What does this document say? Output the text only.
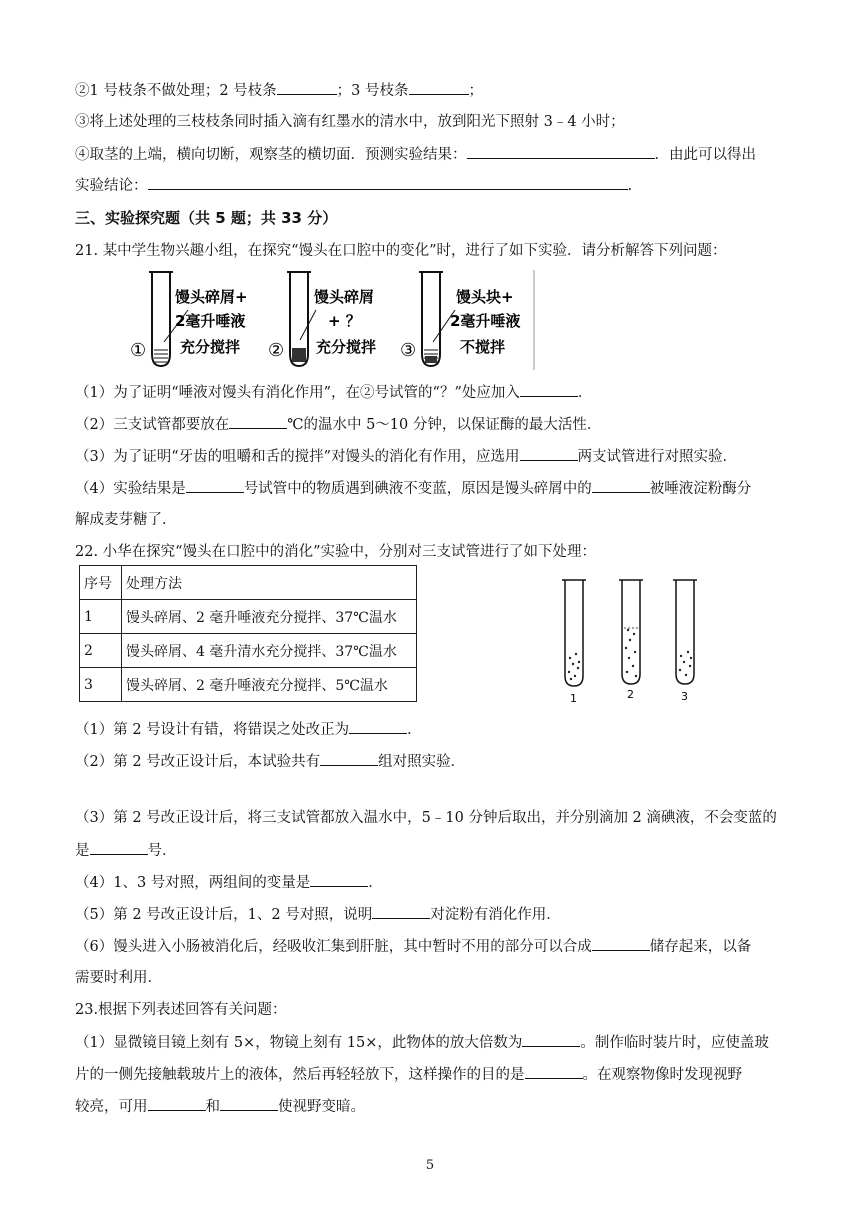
②1 号枝条不做处理；2 号枝条	；3 号枝条	；
③将上述处理的三枝枝条同时插入滴有红墨水的清水中，放到阳光下照射 3﹣4 小时；
④取茎的上端，横向切断，观察茎的横切面．预测实验结果：	．由此可以得出
实验结论：	.
三、实验探究题（共 5 题；共 33 分）
21. 某中学生物兴趣小组，在探究“馒头在口腔中的变化”时，进行了如下实验．请分析解答下列问题：
①
馒头碎屑+
2毫升唾液
充分搅拌 ②
馒头碎屑
+ ？
充分搅拌 ③
馒头块+
2毫升唾液
不搅拌
（1）为了证明“唾液对馒头有消化作用”，在②号试管的“？”处应加入	．
（2）三支试管都要放在	℃的温水中 5～10 分钟，以保证酶的最大活性．
（3）为了证明“牙齿的咀嚼和舌的搅拌”对馒头的消化有作用，应选用	两支试管进行对照实验．
（4）实验结果是	号试管中的物质遇到碘液不变蓝，原因是馒头碎屑中的	被唾液淀粉酶分
解成麦芽糖了．
22. 小华在探究“馒头在口腔中的消化”实验中，分别对三支试管进行了如下处理：
序号	处理方法
1	馒头碎屑、2 毫升唾液充分搅拌、37℃温水
2	馒头碎屑、4 毫升清水充分搅拌、37℃温水
3	馒头碎屑、2 毫升唾液充分搅拌、5℃温水
1	2	3
（1）第 2 号设计有错，将错误之处改正为	．
（2）第 2 号改正设计后，本试验共有	组对照实验．
（3）第 2 号改正设计后，将三支试管都放入温水中，5﹣10 分钟后取出，并分别滴加 2 滴碘液，不会变蓝的
是	号．
（4）1、3 号对照，两组间的变量是	．
（5）第 2 号改正设计后，1、2 号对照，说明	对淀粉有消化作用．
（6）馒头进入小肠被消化后，经吸收汇集到肝脏，其中暂时不用的部分可以合成	储存起来，以备
需要时利用．
23.根据下列表述回答有关问题：
（1）显微镜目镜上刻有 5×，物镜上刻有 15×，此物体的放大倍数为	。制作临时装片时，应使盖玻
片的一侧先接触载玻片上的液体，然后再轻轻放下，这样操作的目的是	。在观察物像时发现视野
较亮，可用	和	使视野变暗。
5
